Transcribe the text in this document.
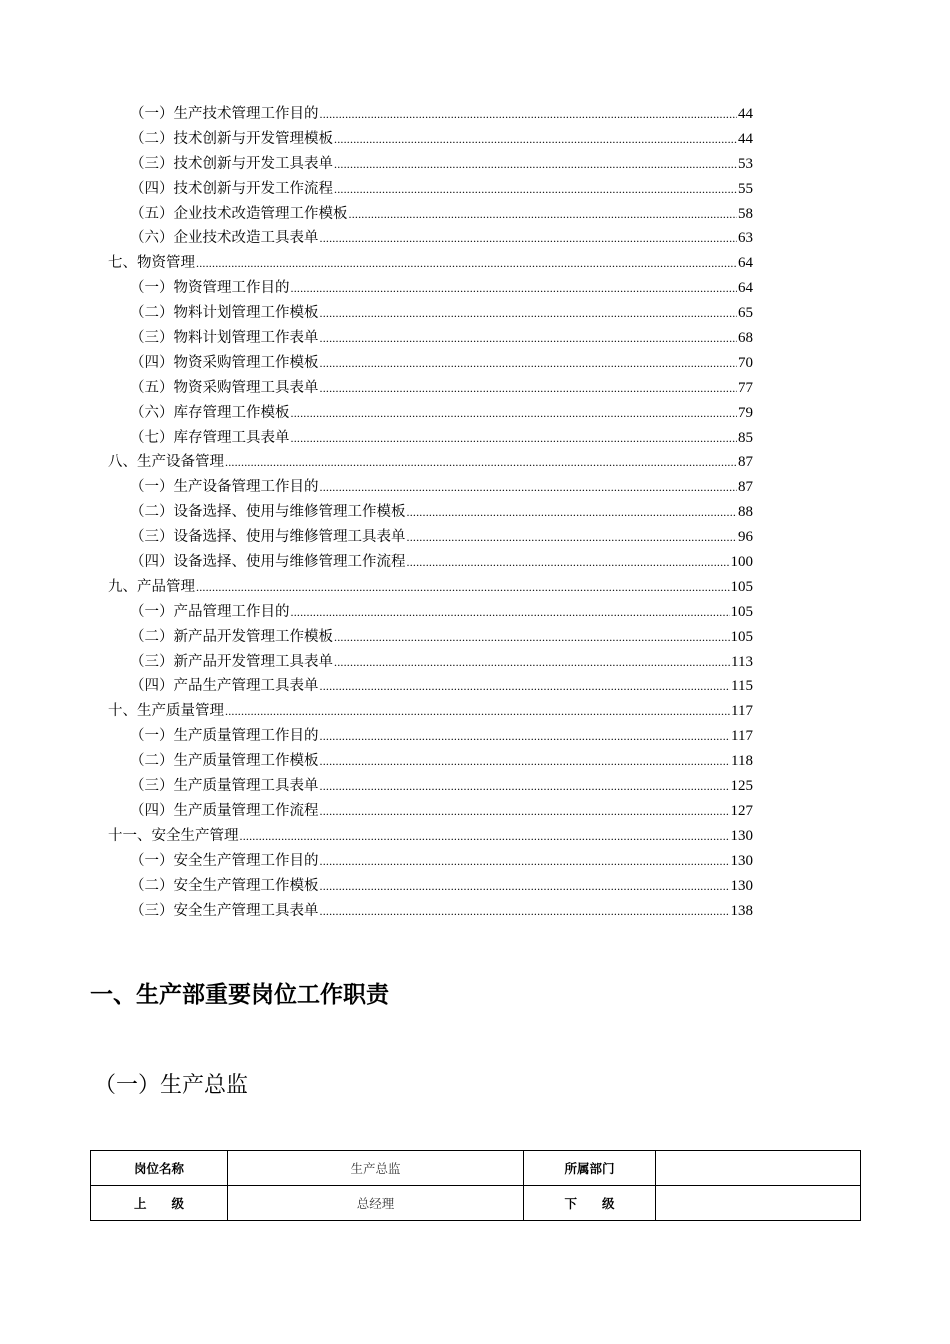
（一）生产技术管理工作目的 .....	44
（二）技术创新与开发管理模板 .....	44
（三）技术创新与开发工具表单 .....	53
（四）技术创新与开发工作流程 .....	55
（五）企业技术改造管理工作模板 .....	58
（六）企业技术改造工具表单 .....	63
七、物资管理 .....	64
（一）物资管理工作目的 .....	64
（二）物料计划管理工作模板 .....	65
（三）物料计划管理工作表单 .....	68
（四）物资采购管理工作模板 .....	70
（五）物资采购管理工具表单 .....	77
（六）库存管理工作模板 .....	79
（七）库存管理工具表单 .....	85
八、生产设备管理 .....	87
（一）生产设备管理工作目的 .....	87
（二）设备选择、使用与维修管理工作模板 .....	88
（三）设备选择、使用与维修管理工具表单 .....	96
（四）设备选择、使用与维修管理工作流程 .....	100
九、产品管理 .....	105
（一）产品管理工作目的 .....	105
（二）新产品开发管理工作模板 .....	105
（三）新产品开发管理工具表单 .....	113
（四）产品生产管理工具表单 .....	115
十、生产质量管理 .....	117
（一）生产质量管理工作目的 .....	117
（二）生产质量管理工作模板 .....	118
（三）生产质量管理工具表单 .....	125
（四）生产质量管理工作流程 .....	127
十一、安全生产管理 .....	130
（一）安全生产管理工作目的 .....	130
（二）安全生产管理工作模板 .....	130
（三）安全生产管理工具表单 .....	138
一、生产部重要岗位工作职责
（一）生产总监
岗位名称	生产总监	所属部门	
上　　级	总经理	下　　级	
